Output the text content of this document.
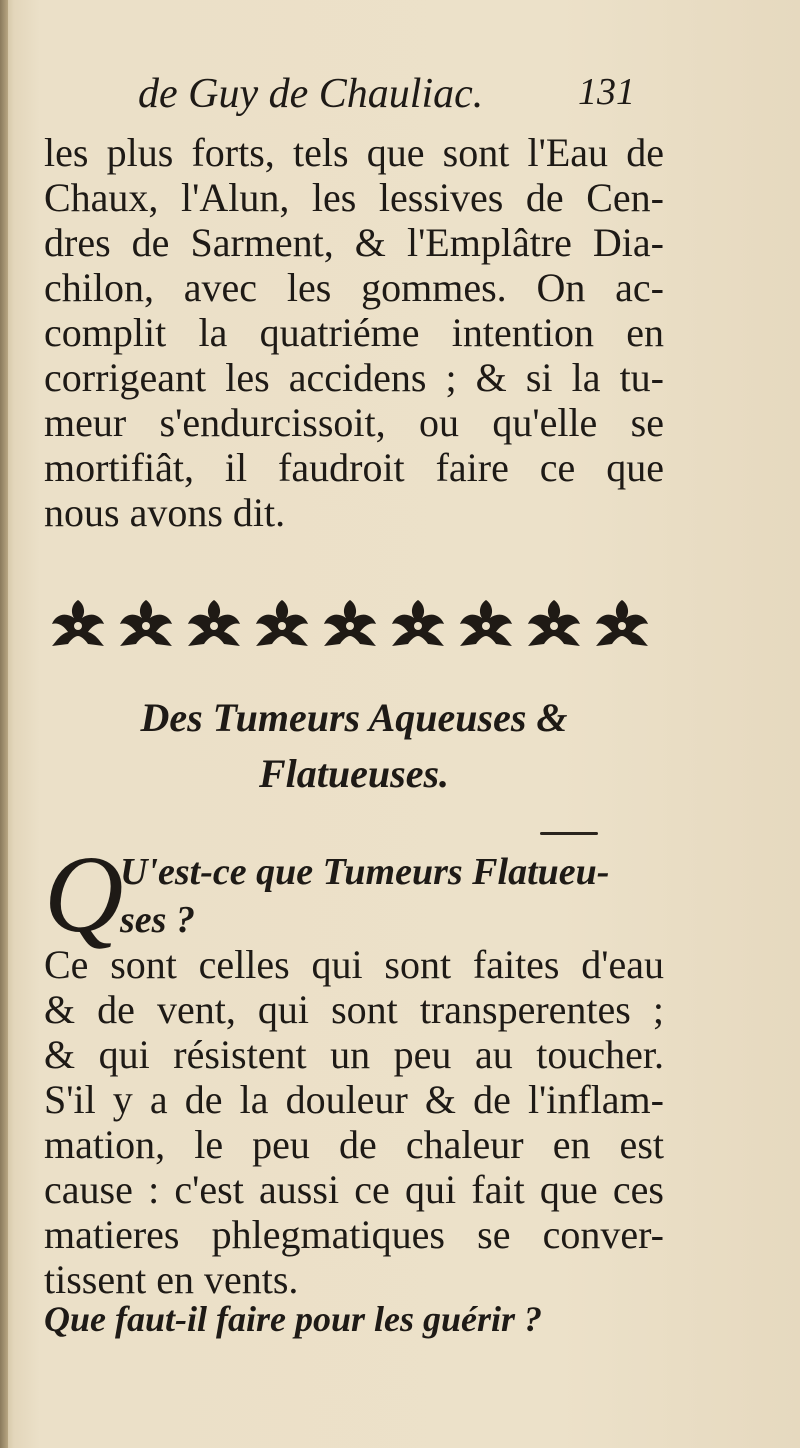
de Guy de Chauliac. 131
les plus forts, tels que sont l'Eau de
Chaux, l'Alun, les lessives de Cen-
dres de Sarment, & l'Emplâtre Dia-
chilon, avec les gommes. On ac-
complit la quatriéme intention en
corrigeant les accidens ; & si la tu-
meur s'endurcissoit, ou qu'elle se
mortifiât, il faudroit faire ce que
nous avons dit.
Des Tumeurs Aqueuses &
Flatueuses.
Q
U'est-ce que Tumeurs Flatueu-
ses ?
Ce sont celles qui sont faites d'eau
& de vent, qui sont transperentes ;
& qui résistent un peu au toucher.
S'il y a de la douleur & de l'inflam-
mation, le peu de chaleur en est
cause : c'est aussi ce qui fait que ces
matieres phlegmatiques se conver-
tissent en vents.
Que faut-il faire pour les guérir ?
